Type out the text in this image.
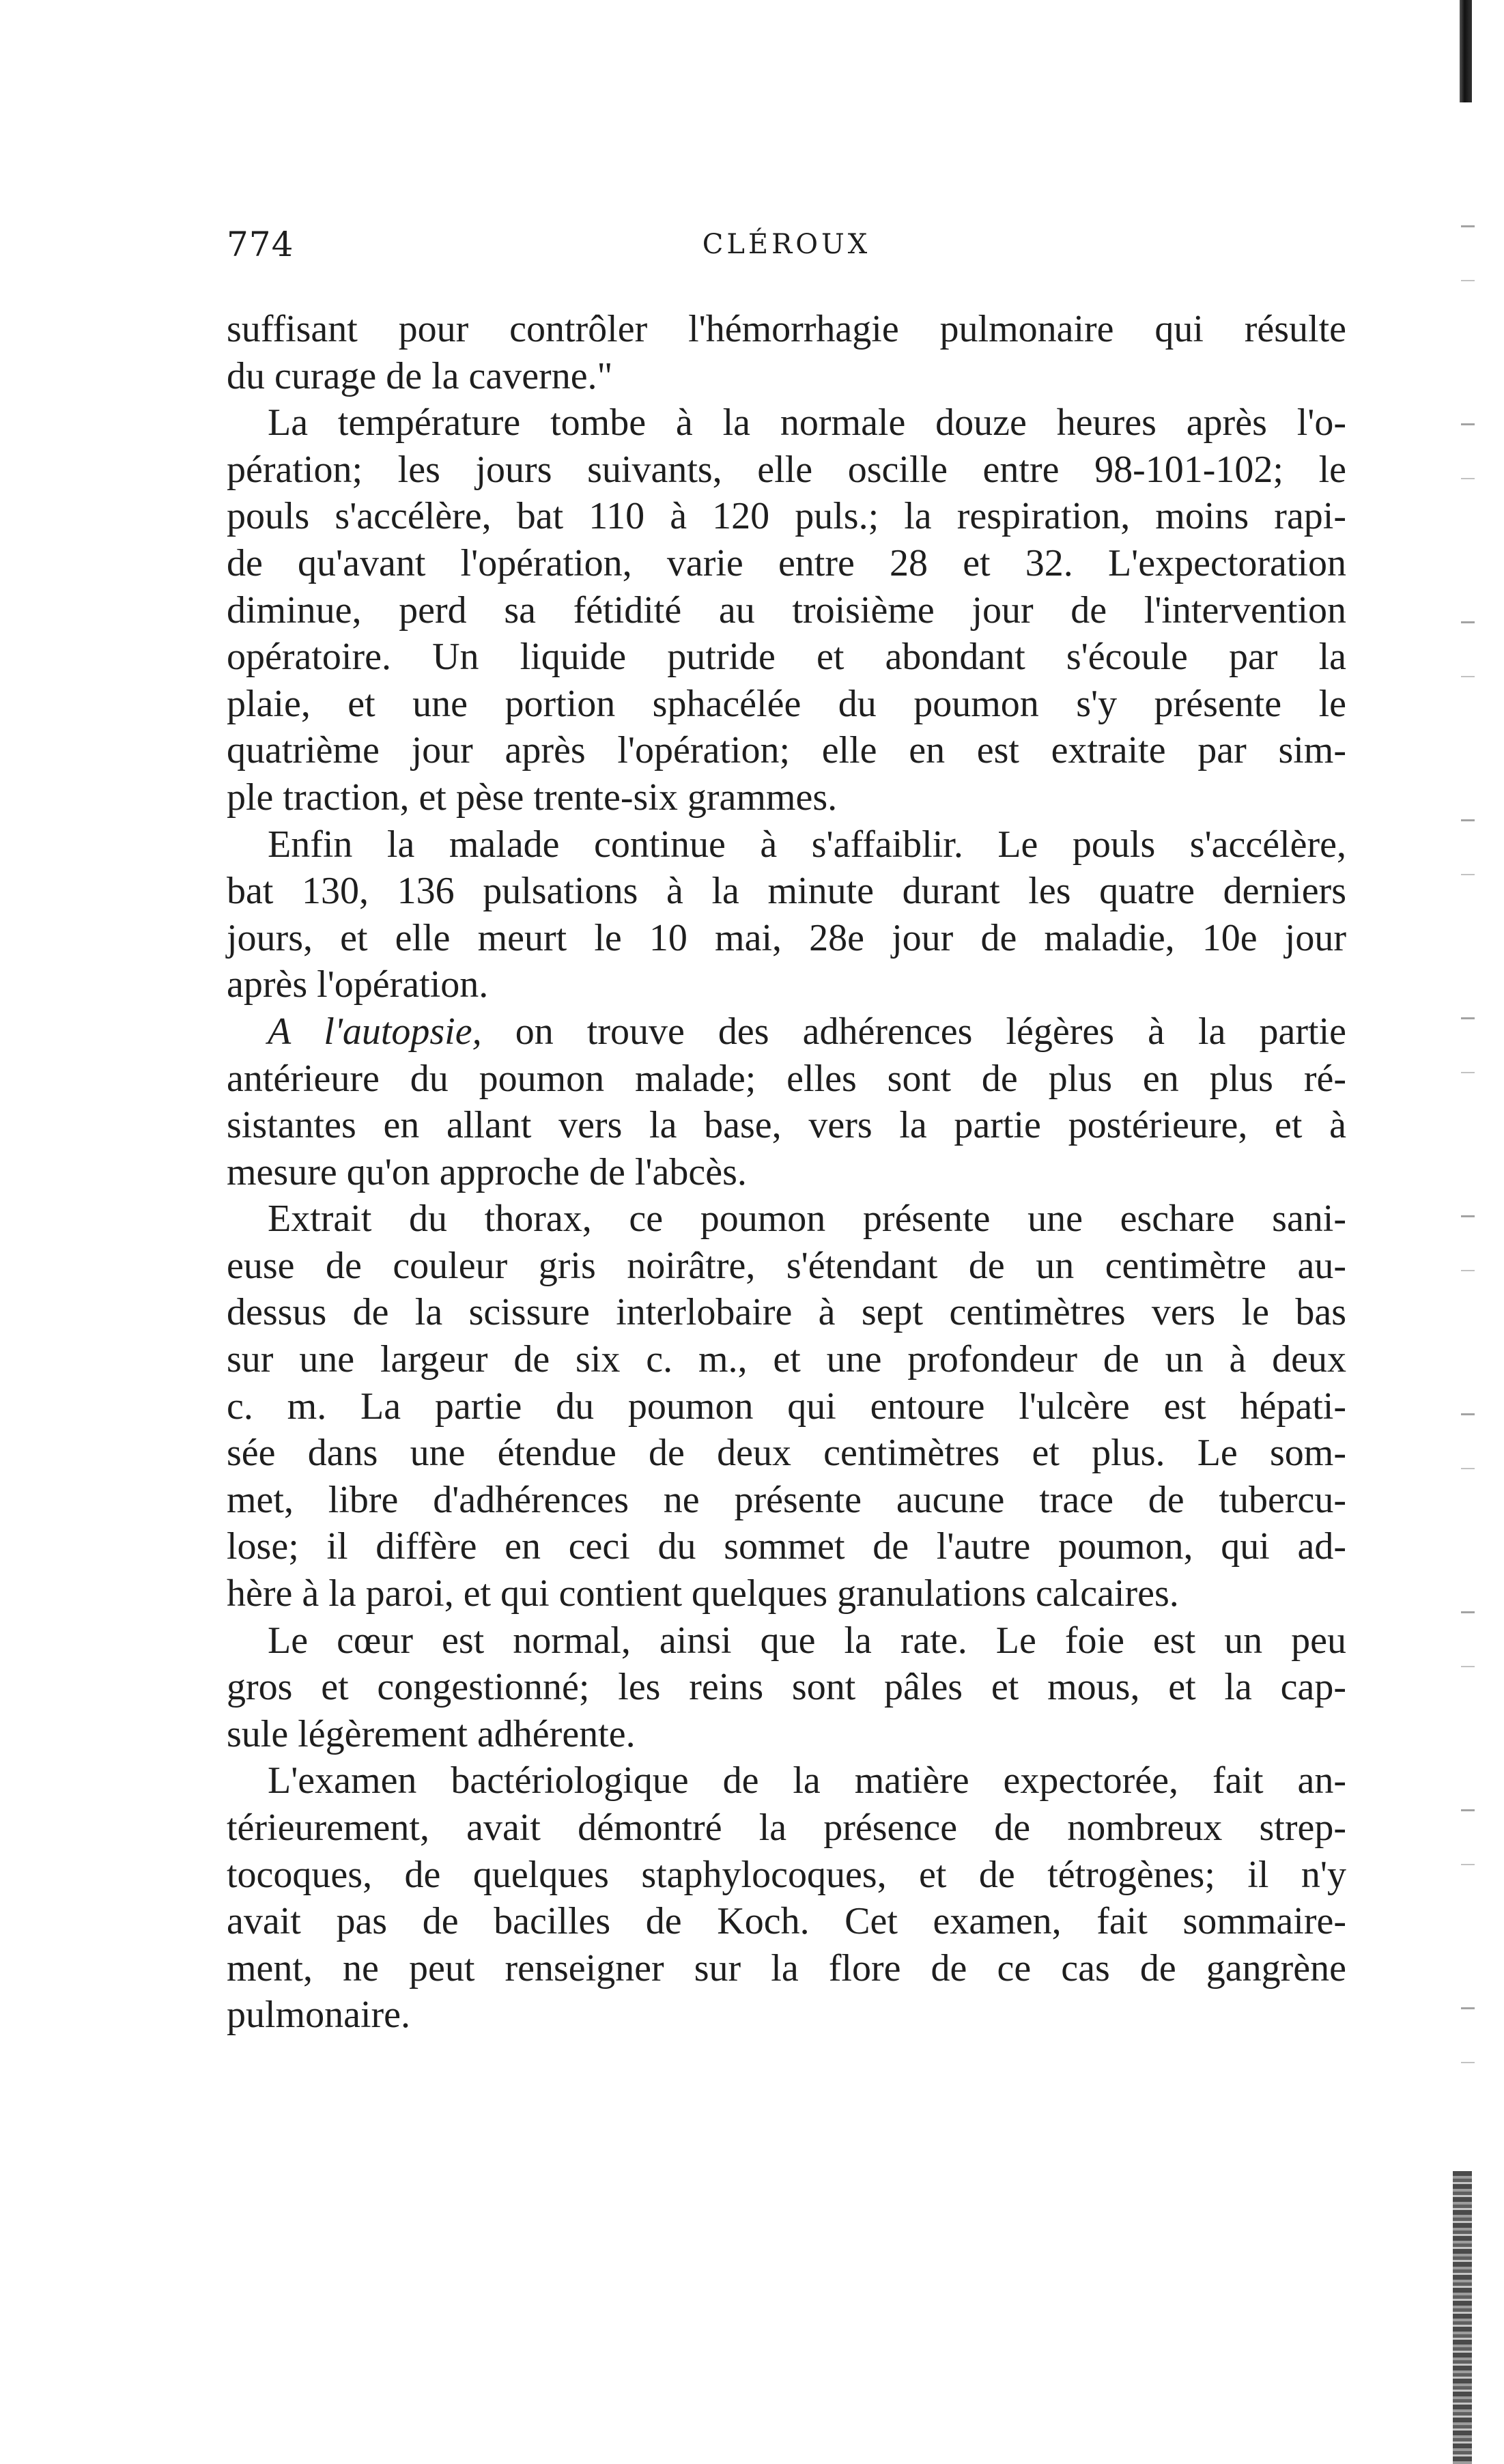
774	CLÉROUX
suffisant pour contrôler l'hémorrhagie pulmonaire qui résulte
du curage de la caverne."
La température tombe à la normale douze heures après l'o-
pération; les jours suivants, elle oscille entre 98-101-102; le
pouls s'accélère, bat 110 à 120 puls.; la respiration, moins rapi-
de qu'avant l'opération, varie entre 28 et 32. L'expectoration
diminue, perd sa fétidité au troisième jour de l'intervention
opératoire. Un liquide putride et abondant s'écoule par la
plaie, et une portion sphacélée du poumon s'y présente le
quatrième jour après l'opération; elle en est extraite par sim-
ple traction, et pèse trente-six grammes.
Enfin la malade continue à s'affaiblir. Le pouls s'accélère,
bat 130, 136 pulsations à la minute durant les quatre derniers
jours, et elle meurt le 10 mai, 28e jour de maladie, 10e jour
après l'opération.
A l'autopsie, on trouve des adhérences légères à la partie
antérieure du poumon malade; elles sont de plus en plus ré-
sistantes en allant vers la base, vers la partie postérieure, et à
mesure qu'on approche de l'abcès.
Extrait du thorax, ce poumon présente une eschare sani-
euse de couleur gris noirâtre, s'étendant de un centimètre au-
dessus de la scissure interlobaire à sept centimètres vers le bas
sur une largeur de six c. m., et une profondeur de un à deux
c. m. La partie du poumon qui entoure l'ulcère est hépati-
sée dans une étendue de deux centimètres et plus. Le som-
met, libre d'adhérences ne présente aucune trace de tubercu-
lose; il diffère en ceci du sommet de l'autre poumon, qui ad-
hère à la paroi, et qui contient quelques granulations calcaires.
Le cœur est normal, ainsi que la rate. Le foie est un peu
gros et congestionné; les reins sont pâles et mous, et la cap-
sule légèrement adhérente.
L'examen bactériologique de la matière expectorée, fait an-
térieurement, avait démontré la présence de nombreux strep-
tocoques, de quelques staphylocoques, et de tétrogènes; il n'y
avait pas de bacilles de Koch. Cet examen, fait sommaire-
ment, ne peut renseigner sur la flore de ce cas de gangrène
pulmonaire.
